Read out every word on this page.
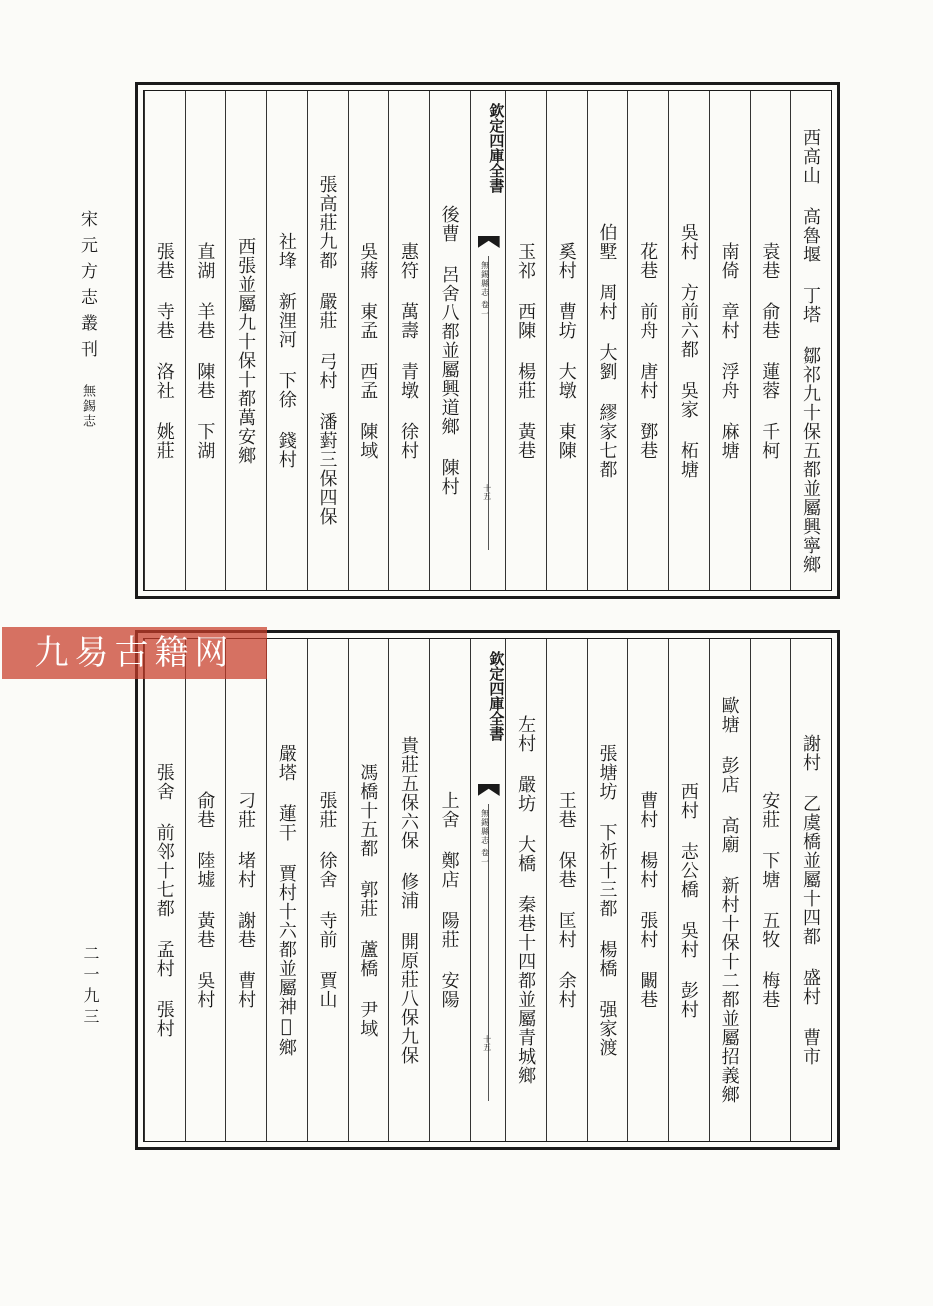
宋元方志叢刊無錫志
二一九三
西高山 高魯堰 丁塔 鄒祁九十保五都並屬興寧鄉
袁巷 俞巷 蓮蓉 千柯
南倚 章村 浮舟 麻塘
吳村 方前六都 吳家 柘塘
花巷 前舟 唐村 鄧巷
伯墅 周村 大劉 繆家七都
奚村 曹坊 大墩 東陳
玉祁 西陳 楊莊 黃巷
欽定四庫全書
無錫縣志 卷一
十五
後曹 呂舍八都並屬興道鄉 陳村
惠符 萬壽 青墩 徐村
吳蔣 東孟 西孟 陳域
張高莊九都 嚴莊 弓村 潘薱三保四保
社埄 新浬河 下徐 錢村
西張並屬九十保十都萬安鄉
直湖 羊巷 陳巷 下湖
張巷 寺巷 洛社 姚莊
謝村 乙虞橋並屬十四都 盛村 曹市
安莊 下塘 五牧 梅巷
歐塘 彭店 高廟 新村十保十二都並屬招義鄉
西村 志公橋 吳村 彭村
曹村 楊村 張村 闞巷
張塘坊 下祈十三都 楊橋 强家渡
王巷 保巷 匡村 余村
左村 嚴坊 大橋 秦巷十四都並屬青城鄉
欽定四庫全書
無錫縣志 卷一
十五
上舍 鄭店 陽莊 安陽
貴莊五保六保 修浦 開原莊八保九保
馮橋十五都 郭莊 蘆橋 尹域
張莊 徐舍 寺前 賈山
嚴塔 蓮干 賈村十六都並屬神𢚩鄉
刁莊 堵村 謝巷 曹村
俞巷 陸墟 黃巷 吳村
張舍 前邻十七都 孟村 張村
九易古籍网
